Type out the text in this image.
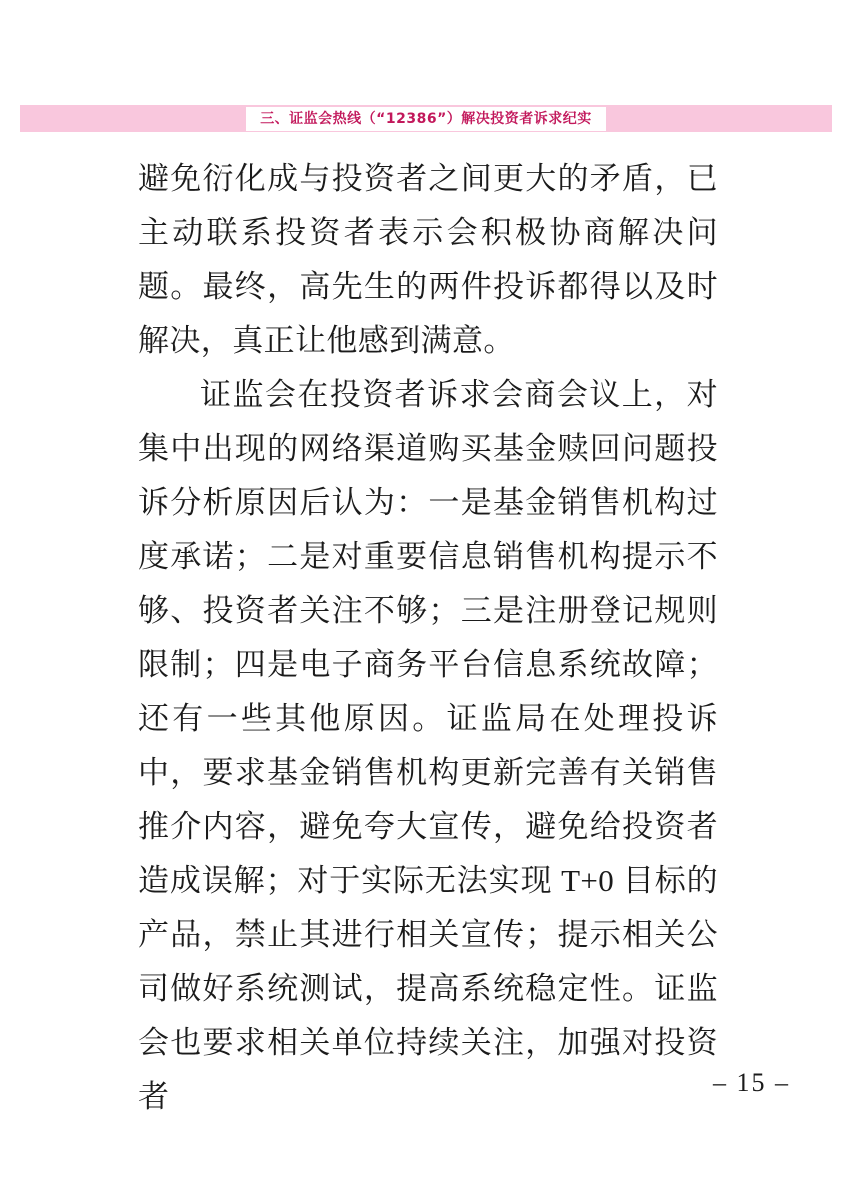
三、证监会热线（“12386”）解决投资者诉求纪实

避免衍化成与投资者之间更大的矛盾，已主动联系投资者表示会积极协商解决问题。最终，高先生的两件投诉都得以及时解决，真正让他感到满意。

证监会在投资者诉求会商会议上，对集中出现的网络渠道购买基金赎回问题投诉分析原因后认为：一是基金销售机构过度承诺；二是对重要信息销售机构提示不够、投资者关注不够；三是注册登记规则限制；四是电子商务平台信息系统故障；还有一些其他原因。证监局在处理投诉中，要求基金销售机构更新完善有关销售推介内容，避免夸大宣传，避免给投资者造成误解；对于实际无法实现 T+0 目标的产品，禁止其进行相关宣传；提示相关公司做好系统测试，提高系统稳定性。证监会也要求相关单位持续关注，加强对投资者	– 15 –
